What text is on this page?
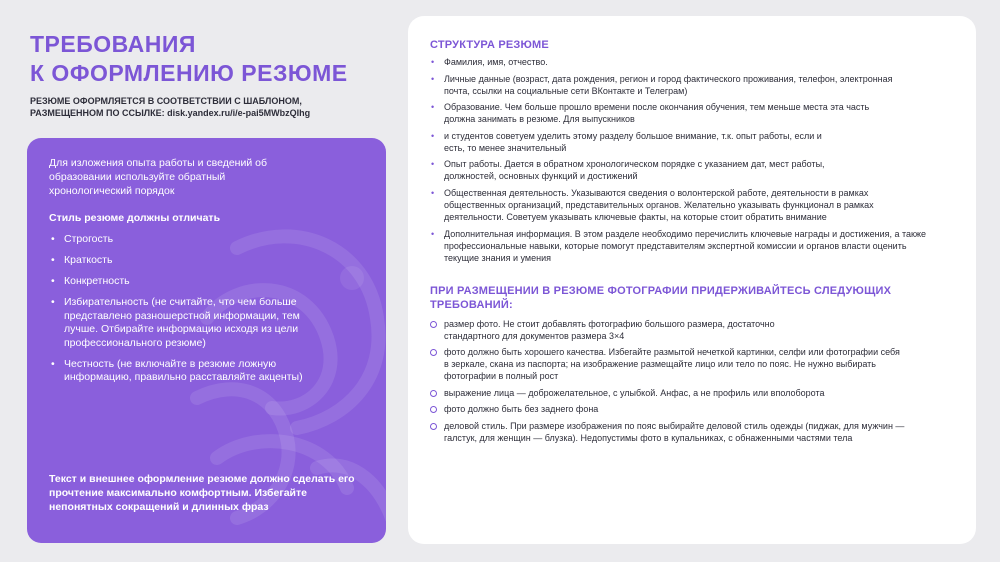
ТРЕБОВАНИЯ
К ОФОРМЛЕНИЮ РЕЗЮМЕ
РЕЗЮМЕ ОФОРМЛЯЕТСЯ В СООТВЕТСТВИИ С ШАБЛОНОМ,
РАЗМЕЩЕННОМ ПО ССЫЛКЕ: disk.yandex.ru/i/e-pai5MWbzQIhg
Для изложения опыта работы и сведений об образовании используйте обратный хронологический порядок
Стиль резюме должны отличать
• Строгость
• Краткость
• Конкретность
• Избирательность (не считайте, что чем больше представлено разношерстной информации, тем лучше. Отбирайте информацию исходя из цели профессионального резюме)
• Честность (не включайте в резюме ложную информацию, правильно расставляйте акценты)
Текст и внешнее оформление резюме должно сделать его прочтение максимально комфортным. Избегайте непонятных сокращений и длинных фраз
СТРУКТУРА РЕЗЮМЕ
• Фамилия, имя, отчество.
• Личные данные (возраст, дата рождения, регион и город фактического проживания, телефон, электронная почта, ссылки на социальные сети ВКонтакте и Телеграм)
• Образование. Чем больше прошло времени после окончания обучения, тем меньше места эта часть должна занимать в резюме. Для выпускников
• и студентов советуем уделить этому разделу большое внимание, т.к. опыт работы, если и есть, то менее значительный
• Опыт работы. Дается в обратном хронологическом порядке с указанием дат, мест работы, должностей, основных функций и достижений
• Общественная деятельность. Указываются сведения о волонтерской работе, деятельности в рамках общественных организаций, представительных органов. Желательно указывать функционал в рамках деятельности. Советуем указывать ключевые факты, на которые стоит обратить внимание
• Дополнительная информация. В этом разделе необходимо перечислить ключевые награды и достижения, а также профессиональные навыки, которые помогут представителям экспертной комиссии и органов власти оценить текущие знания и умения
ПРИ РАЗМЕЩЕНИИ В РЕЗЮМЕ ФОТОГРАФИИ ПРИДЕРЖИВАЙТЕСЬ СЛЕДУЮЩИХ ТРЕБОВАНИЙ:
размер фото. Не стоит добавлять фотографию большого размера, достаточно стандартного для документов размера 3×4
фото должно быть хорошего качества. Избегайте размытой нечеткой картинки, селфи или фотографии себя в зеркале, скана из паспорта; на изображение размещайте лицо или тело по пояс. Не нужно выбирать фотографии в полный рост
выражение лица — доброжелательное, с улыбкой. Анфас, а не профиль или вполоборота
фото должно быть без заднего фона
деловой стиль. При размере изображения по пояс выбирайте деловой стиль одежды (пиджак, для мужчин — галстук, для женщин — блузка). Недопустимы фото в купальниках, с обнаженными частями тела
